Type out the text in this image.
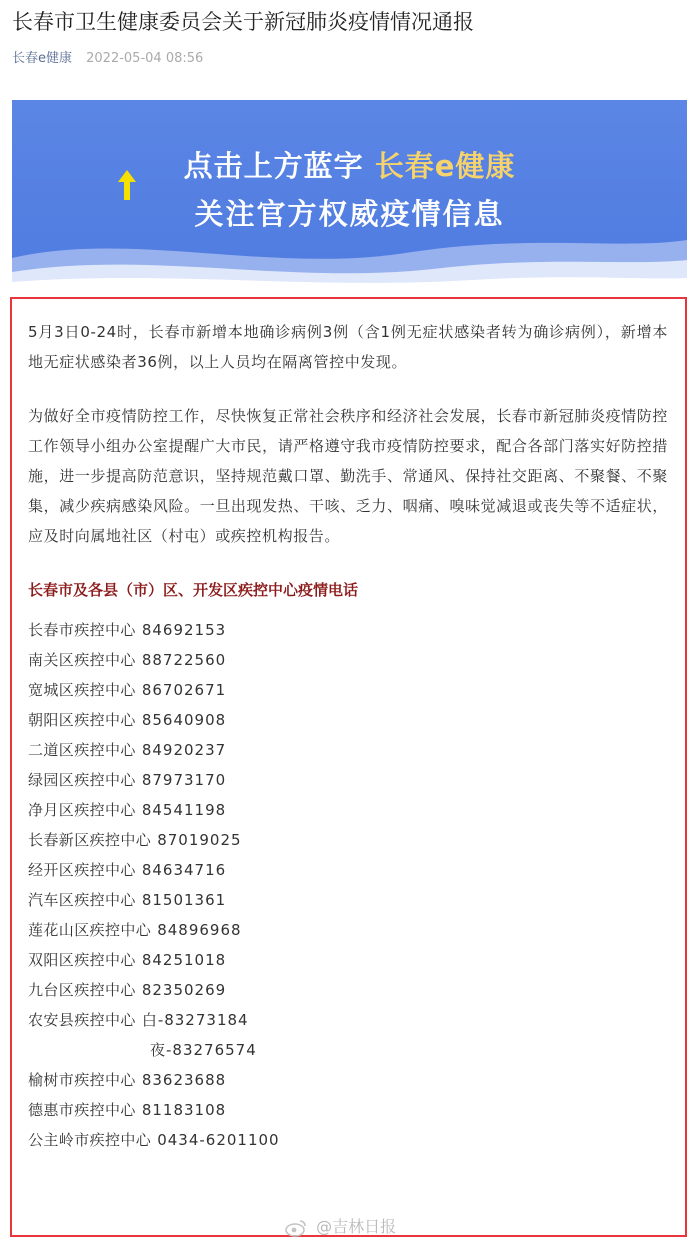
长春市卫生健康委员会关于新冠肺炎疫情情况通报
长春e健康 2022-05-04 08:56
点击上方蓝字 长春e健康
关注官方权威疫情信息

5月3日0-24时，长春市新增本地确诊病例3例（含1例无症状感染者转为确诊病例），新增本地无症状感染者36例，以上人员均在隔离管控中发现。

为做好全市疫情防控工作，尽快恢复正常社会秩序和经济社会发展，长春市新冠肺炎疫情防控工作领导小组办公室提醒广大市民，请严格遵守我市疫情防控要求，配合各部门落实好防控措施，进一步提高防范意识，坚持规范戴口罩、勤洗手、常通风、保持社交距离、不聚餐、不聚集，减少疾病感染风险。一旦出现发热、干咳、乏力、咽痛、嗅味觉减退或丧失等不适症状，应及时向属地社区（村屯）或疾控机构报告。

长春市及各县（市）区、开发区疾控中心疫情电话
长春市疾控中心 84692153
南关区疾控中心 88722560
宽城区疾控中心 86702671
朝阳区疾控中心 85640908
二道区疾控中心 84920237
绿园区疾控中心 87973170
净月区疾控中心 84541198
长春新区疾控中心 87019025
经开区疾控中心 84634716
汽车区疾控中心 81501361
莲花山区疾控中心 84896968
双阳区疾控中心 84251018
九台区疾控中心 82350269
农安县疾控中心 白-83273184
夜-83276574
榆树市疾控中心 83623688
德惠市疾控中心 81183108
公主岭市疾控中心 0434-6201100
@吉林日报
